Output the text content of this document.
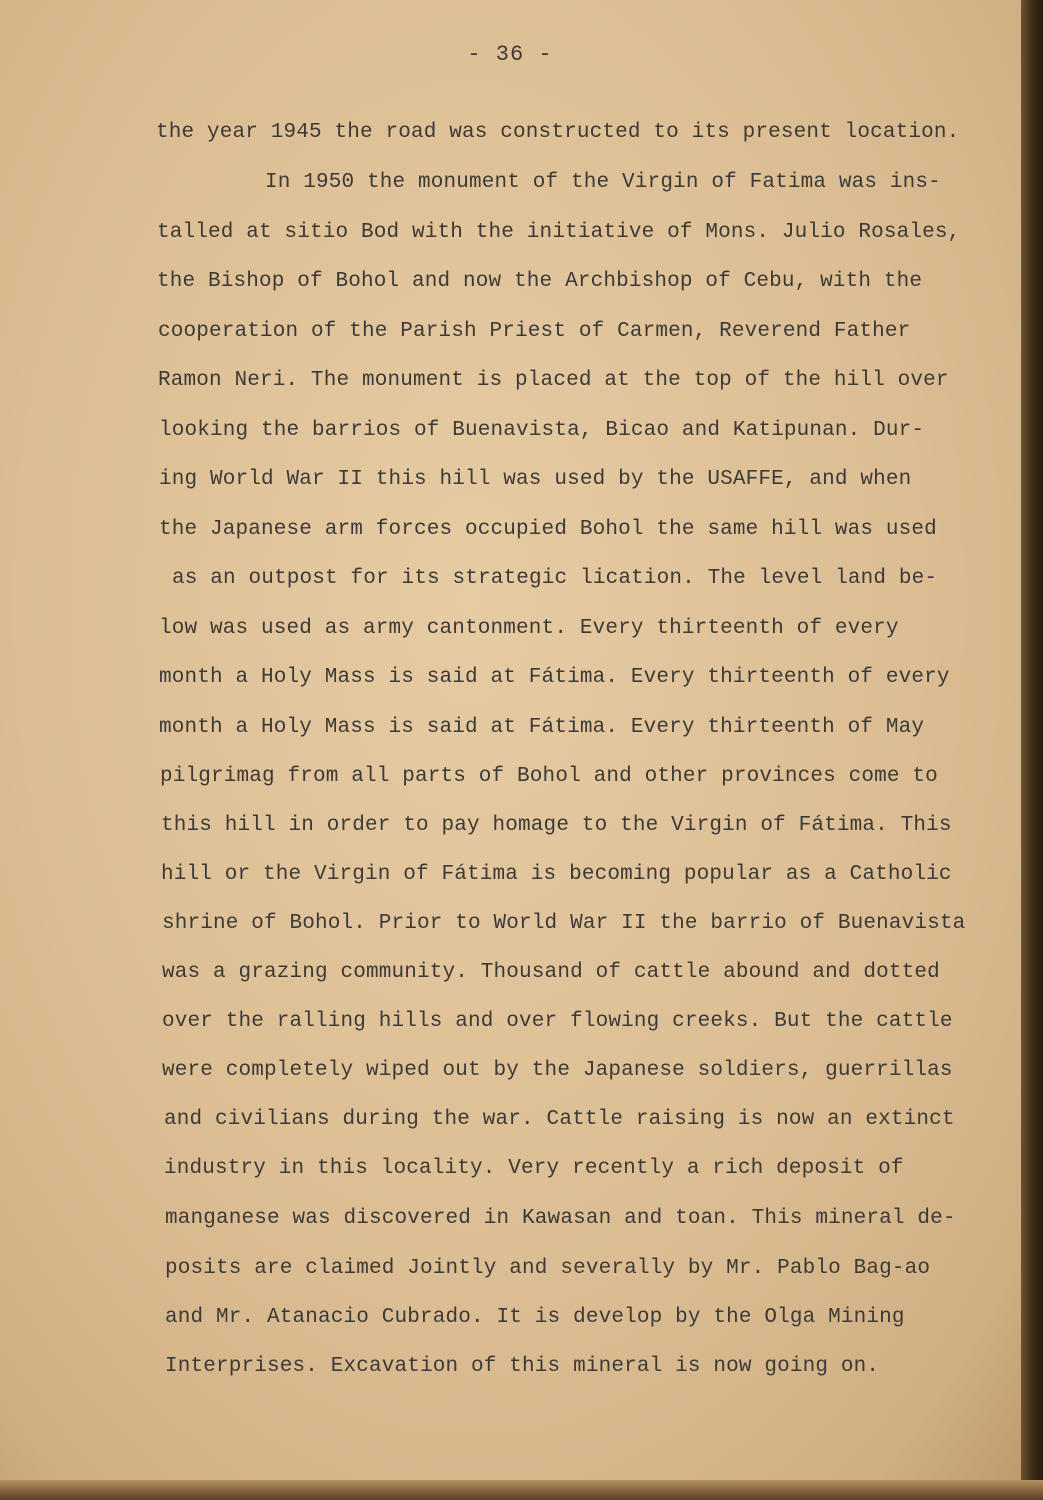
- 36 -
the year 1945 the road was constructed to its present location.
In 1950 the monument of the Virgin of Fatima was ins-
talled at sitio Bod with the initiative of Mons. Julio Rosales,
the Bishop of Bohol and now the Archbishop of Cebu, with the
cooperation of the Parish Priest of Carmen, Reverend Father
Ramon Neri. The monument is placed at the top of the hill over
looking the barrios of Buenavista, Bicao and Katipunan. Dur-
ing World War II this hill was used by the USAFFE, and when
the Japanese arm forces occupied Bohol the same hill was used
as an outpost for its strategic lication. The level land be-
low was used as army cantonment. Every thirteenth of every
month a Holy Mass is said at Fátima. Every thirteenth of every
month a Holy Mass is said at Fátima. Every thirteenth of May
pilgrimag from all parts of Bohol and other provinces come to
this hill in order to pay homage to the Virgin of Fátima. This
hill or the Virgin of Fátima is becoming popular as a Catholic
shrine of Bohol. Prior to World War II the barrio of Buenavista
was a grazing community. Thousand of cattle abound and dotted
over the ralling hills and over flowing creeks. But the cattle
were completely wiped out by the Japanese soldiers, guerrillas
and civilians during the war. Cattle raising is now an extinct
industry in this locality. Very recently a rich deposit of
manganese was discovered in Kawasan and toan. This mineral de-
posits are claimed Jointly and severally by Mr. Pablo Bag-ao
and Mr. Atanacio Cubrado. It is develop by the Olga Mining
Interprises. Excavation of this mineral is now going on.
